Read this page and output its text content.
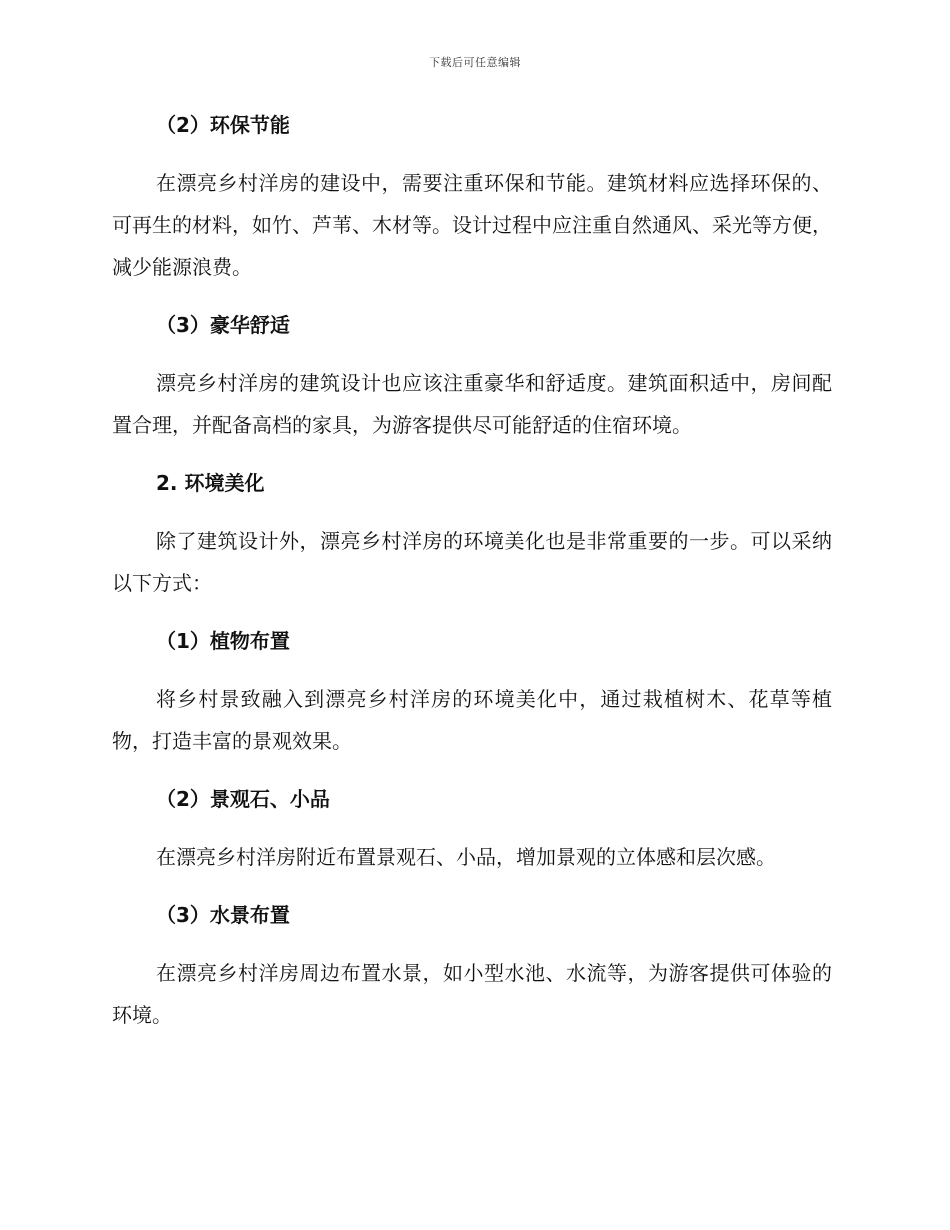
下载后可任意编辑
（2）环保节能
在漂亮乡村洋房的建设中，需要注重环保和节能。建筑材料应选择环保的、可再生的材料，如竹、芦苇、木材等。设计过程中应注重自然通风、采光等方便，减少能源浪费。
（3）豪华舒适
漂亮乡村洋房的建筑设计也应该注重豪华和舒适度。建筑面积适中，房间配置合理，并配备高档的家具，为游客提供尽可能舒适的住宿环境。
2. 环境美化
除了建筑设计外，漂亮乡村洋房的环境美化也是非常重要的一步。可以采纳以下方式：
（1）植物布置
将乡村景致融入到漂亮乡村洋房的环境美化中，通过栽植树木、花草等植物，打造丰富的景观效果。
（2）景观石、小品
在漂亮乡村洋房附近布置景观石、小品，增加景观的立体感和层次感。
（3）水景布置
在漂亮乡村洋房周边布置水景，如小型水池、水流等，为游客提供可体验的环境。
